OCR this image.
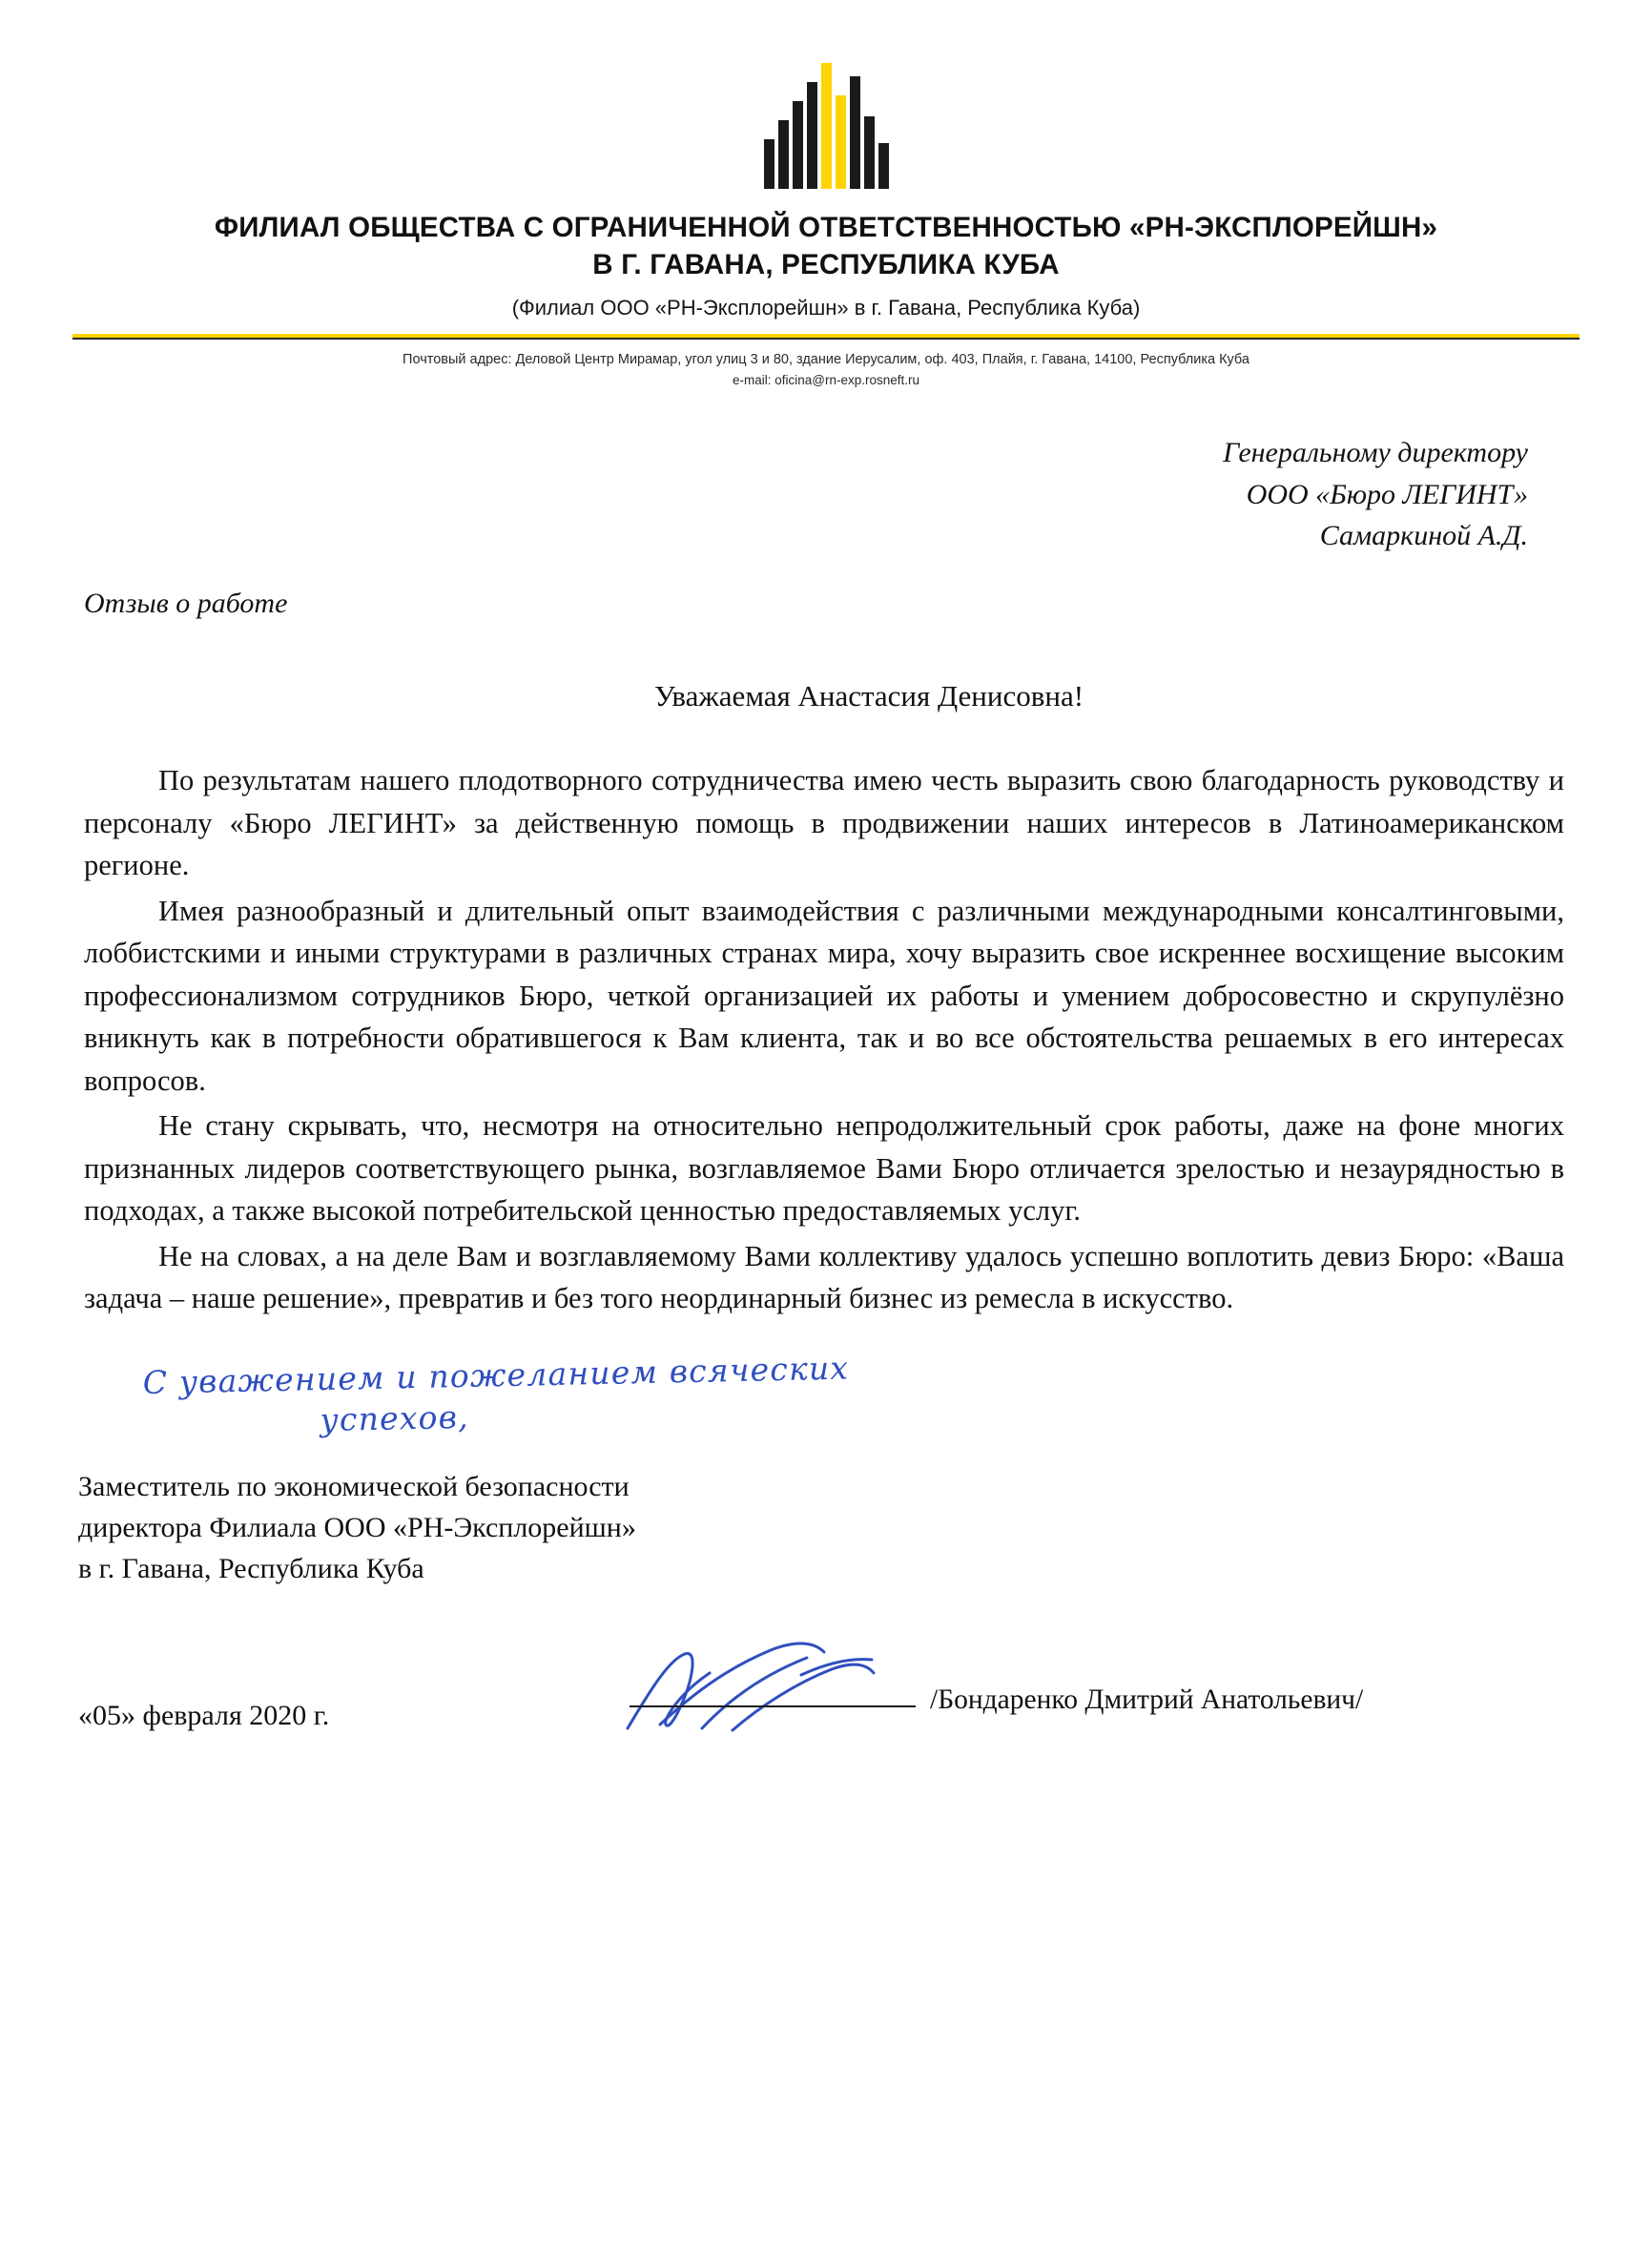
ФИЛИАЛ ОБЩЕСТВА С ОГРАНИЧЕННОЙ ОТВЕТСТВЕННОСТЬЮ «РН-ЭКСПЛОРЕЙШН»
В Г. ГАВАНА, РЕСПУБЛИКА КУБА
(Филиал ООО «РН-Эксплорейшн» в г. Гавана, Республика Куба)
Почтовый адрес: Деловой Центр Мирамар, угол улиц 3 и 80, здание Иерусалим, оф. 403, Плайя, г. Гавана, 14100, Республика Куба
e-mail: oficina@rn-exp.rosneft.ru
Генеральному директору
ООО «Бюро ЛЕГИНТ»
Самаркиной А.Д.
Отзыв о работе
Уважаемая Анастасия Денисовна!

По результатам нашего плодотворного сотрудничества имею честь выразить свою благодарность руководству и персоналу «Бюро ЛЕГИНТ» за действенную помощь в продвижении наших интересов в Латиноамериканском регионе.

Имея разнообразный и длительный опыт взаимодействия с различными международными консалтинговыми, лоббистскими и иными структурами в различных странах мира, хочу выразить свое искреннее восхищение высоким профессионализмом сотрудников Бюро, четкой организацией их работы и умением добросовестно и скрупулёзно вникнуть как в потребности обратившегося к Вам клиента, так и во все обстоятельства решаемых в его интересах вопросов.

Не стану скрывать, что, несмотря на относительно непродолжительный срок работы, даже на фоне многих признанных лидеров соответствующего рынка, возглавляемое Вами Бюро отличается зрелостью и незаурядностью в подходах, а также высокой потребительской ценностью предоставляемых услуг.

Не на словах, а на деле Вам и возглавляемому Вами коллективу удалось успешно воплотить девиз Бюро: «Ваша задача – наше решение», превратив и без того неординарный бизнес из ремесла в искусство.

С уважением и пожеланием всяческих
успехов,
Заместитель по экономической безопасности
директора Филиала ООО «РН-Эксплорейшн»
в г. Гавана, Республика Куба
/Бондаренко Дмитрий Анатольевич/
«05» февраля 2020 г.
